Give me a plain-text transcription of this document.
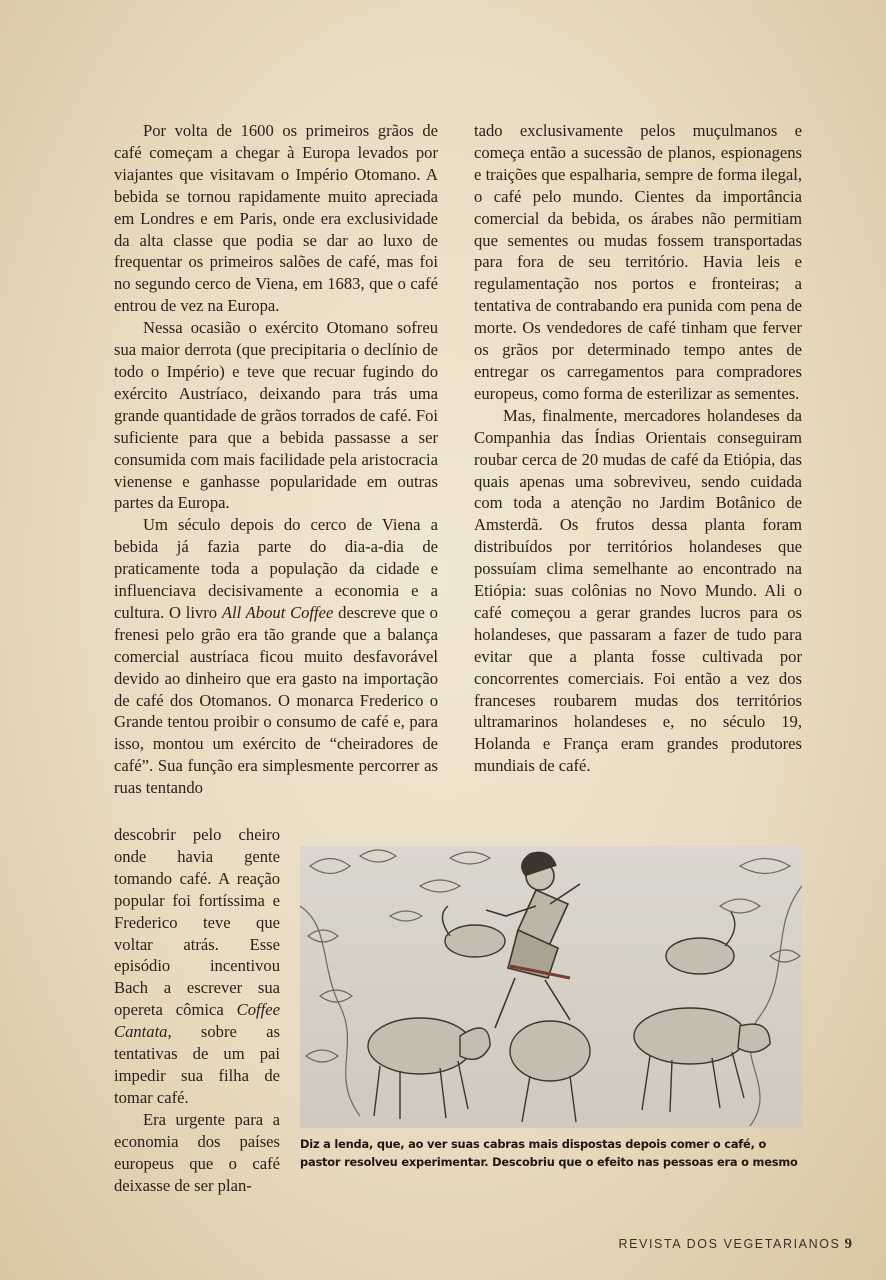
Por volta de 1600 os primeiros grãos de café começam a chegar à Europa levados por viajantes que visitavam o Império Otomano. A bebida se tornou rapidamente muito apreciada em Londres e em Paris, onde era exclusividade da alta classe que podia se dar ao luxo de frequentar os primeiros salões de café, mas foi no segundo cerco de Viena, em 1683, que o café entrou de vez na Europa.

Nessa ocasião o exército Otomano sofreu sua maior derrota (que precipitaria o declínio de todo o Império) e teve que recuar fugindo do exército Austríaco, deixando para trás uma grande quantidade de grãos torrados de café. Foi suficiente para que a bebida passasse a ser consumida com mais facilidade pela aristocracia vienense e ganhasse popularidade em outras partes da Europa.

Um século depois do cerco de Viena a bebida já fazia parte do dia-a-dia de praticamente toda a população da cidade e influenciava decisivamente a economia e a cultura. O livro All About Coffee descreve que o frenesi pelo grão era tão grande que a balança comercial austríaca ficou muito desfavorável devido ao dinheiro que era gasto na importação de café dos Otomanos. O monarca Frederico o Grande tentou proibir o consumo de café e, para isso, montou um exército de “cheiradores de café”. Sua função era simplesmente percorrer as ruas tentando

descobrir pelo cheiro onde havia gente tomando café. A reação popular foi fortíssima e Frederico teve que voltar atrás. Esse episódio incentivou Bach a escrever sua opereta cômica Coffee Cantata, sobre as tentativas de um pai impedir sua filha de tomar café.

Era urgente para a economia dos países europeus que o café deixasse de ser plan-

tado exclusivamente pelos muçulmanos e começa então a sucessão de planos, espionagens e traições que espalharia, sempre de forma ilegal, o café pelo mundo. Cientes da importância comercial da bebida, os árabes não permitiam que sementes ou mudas fossem transportadas para fora de seu território. Havia leis e regulamentação nos portos e fronteiras; a tentativa de contrabando era punida com pena de morte. Os vendedores de café tinham que ferver os grãos por determinado tempo antes de entregar os carregamentos para compradores europeus, como forma de esterilizar as sementes.

Mas, finalmente, mercadores holandeses da Companhia das Índias Orientais conseguiram roubar cerca de 20 mudas de café da Etiópia, das quais apenas uma sobreviveu, sendo cuidada com toda a atenção no Jardim Botânico de Amsterdã. Os frutos dessa planta foram distribuídos por territórios holandeses que possuíam clima semelhante ao encontrado na Etiópia: suas colônias no Novo Mundo. Ali o café começou a gerar grandes lucros para os holandeses, que passaram a fazer de tudo para evitar que a planta fosse cultivada por concorrentes comerciais. Foi então a vez dos franceses roubarem mudas dos territórios ultramarinos holandeses e, no século 19, Holanda e França eram grandes produtores mundiais de café.

Diz a lenda, que, ao ver suas cabras mais dispostas depois comer o café, o pastor resolveu experimentar. Descobriu que o efeito nas pessoas era o mesmo
REVISTA DOS VEGETARIANOS 9
